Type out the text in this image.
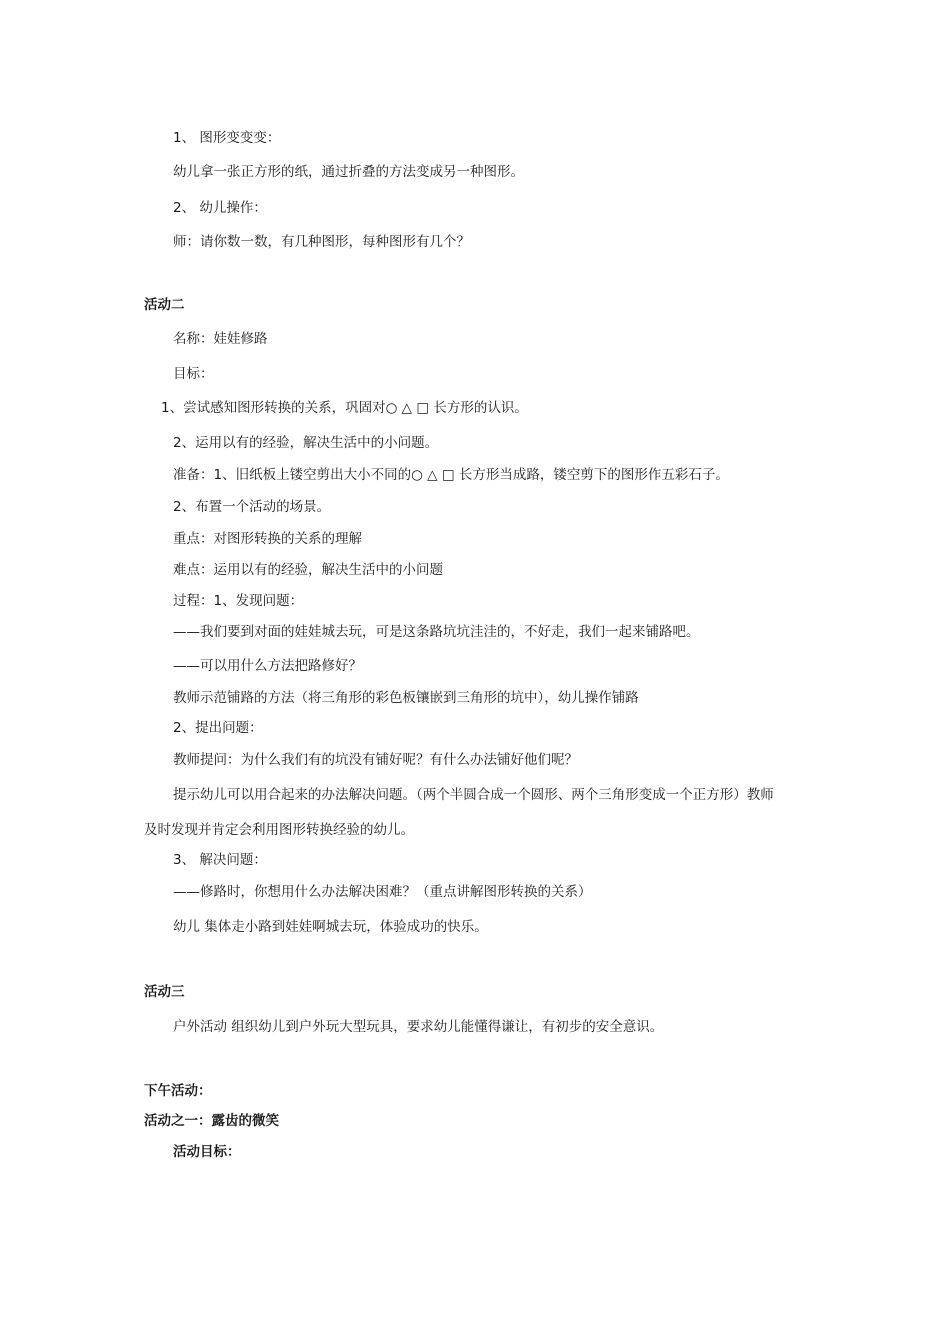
1、 图形变变变：
幼儿拿一张正方形的纸，通过折叠的方法变成另一种图形。
2、 幼儿操作：
师：请你数一数，有几种图形，每种图形有几个？
活动二
名称：娃娃修路
目标：
1、尝试感知图形转换的关系，巩固对○ △ □ 长方形的认识。
2、运用以有的经验，解决生活中的小问题。
准备：1、旧纸板上镂空剪出大小不同的○ △ □ 长方形当成路，镂空剪下的图形作五彩石子。
2、布置一个活动的场景。
重点：对图形转换的关系的理解
难点：运用以有的经验，解决生活中的小问题
过程：1、发现问题：
——我们要到对面的娃娃城去玩，可是这条路坑坑洼洼的，不好走，我们一起来铺路吧。
——可以用什么方法把路修好？
教师示范铺路的方法（将三角形的彩色板镶嵌到三角形的坑中），幼儿操作铺路
2、提出问题：
教师提问：为什么我们有的坑没有铺好呢？有什么办法铺好他们呢？
提示幼儿可以用合起来的办法解决问题。（两个半圆合成一个圆形、两个三角形变成一个正方形）教师
及时发现并肯定会利用图形转换经验的幼儿。
3、 解决问题：
——修路时，你想用什么办法解决困难？（重点讲解图形转换的关系）
幼儿 集体走小路到娃娃啊城去玩，体验成功的快乐。
活动三
户外活动 组织幼儿到户外玩大型玩具，要求幼儿能懂得谦让，有初步的安全意识。
下午活动：
活动之一：露齿的微笑
活动目标：
